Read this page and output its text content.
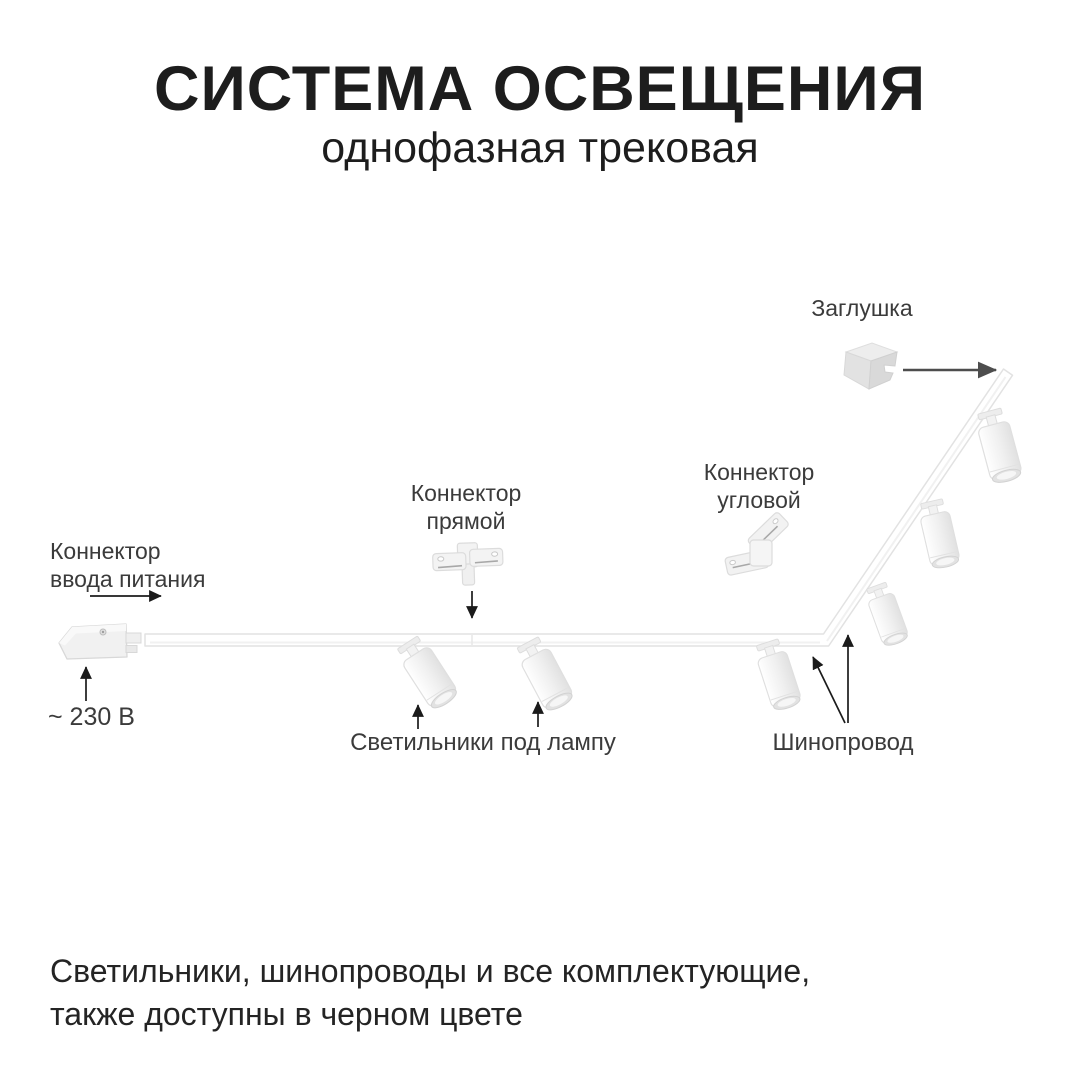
СИСТЕМА ОСВЕЩЕНИЯ
однофазная трековая
Заглушка
Коннектор
угловой
Коннектор
прямой
Коннектор
ввода питания
~ 230 В
Светильники под лампу	Шинопровод
Светильники, шинопроводы и все комплектующие,
также доступны в черном цвете
